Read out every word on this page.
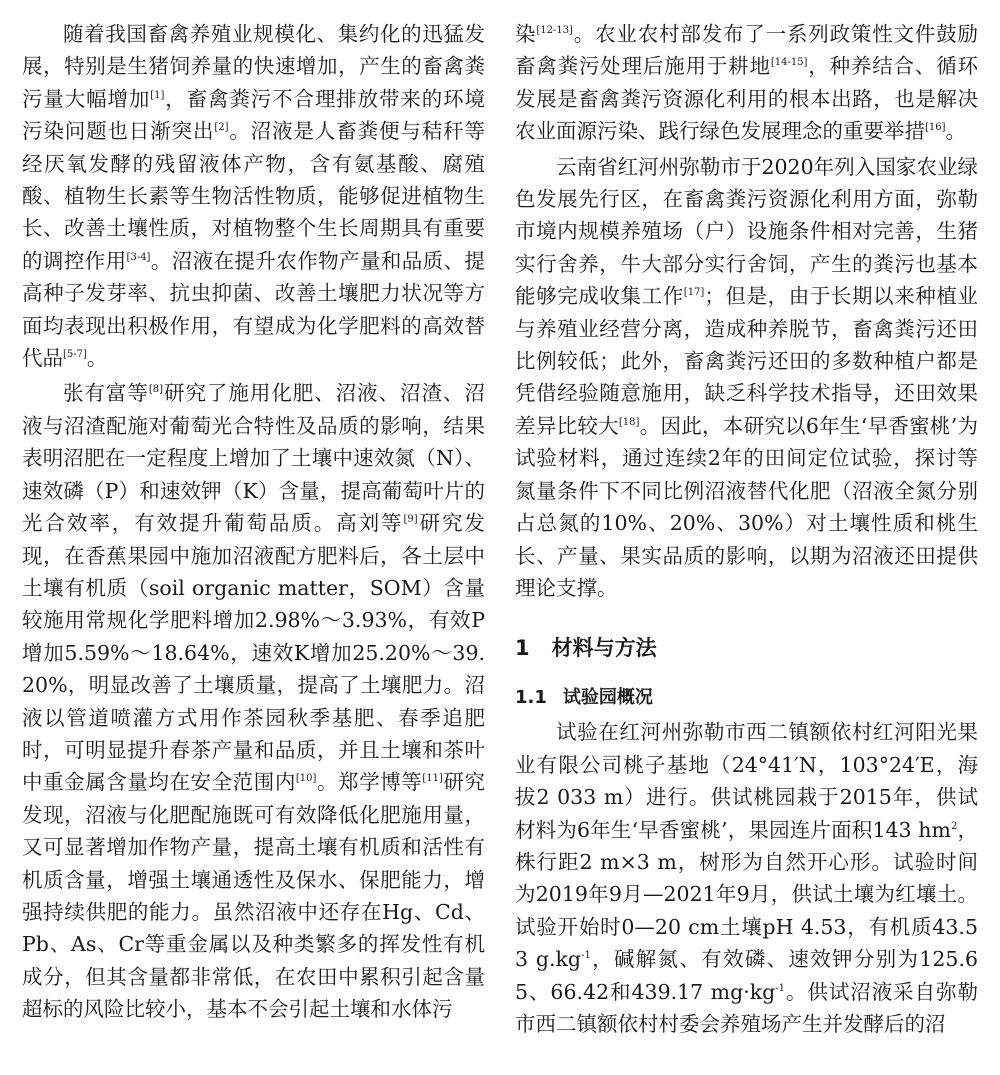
随着我国畜禽养殖业规模化、集约化的迅猛发展，特别是生猪饲养量的快速增加，产生的畜禽粪污量大幅增加[1]，畜禽粪污不合理排放带来的环境污染问题也日渐突出[2]。沼液是人畜粪便与秸秆等经厌氧发酵的残留液体产物，含有氨基酸、腐殖酸、植物生长素等生物活性物质，能够促进植物生长、改善土壤性质，对植物整个生长周期具有重要的调控作用[3-4]。沼液在提升农作物产量和品质、提高种子发芽率、抗虫抑菌、改善土壤肥力状况等方面均表现出积极作用，有望成为化学肥料的高效替代品[5-7]。

张有富等[8]研究了施用化肥、沼液、沼渣、沼液与沼渣配施对葡萄光合特性及品质的影响，结果表明沼肥在一定程度上增加了土壤中速效氮（N）、速效磷（P）和速效钾（K）含量，提高葡萄叶片的光合效率，有效提升葡萄品质。高刘等[9]研究发现，在香蕉果园中施加沼液配方肥料后，各土层中土壤有机质（soil organic matter，SOM）含量较施用常规化学肥料增加2.98%～3.93%，有效P增加5.59%～18.64%，速效K增加25.20%～39.20%，明显改善了土壤质量，提高了土壤肥力。沼液以管道喷灌方式用作茶园秋季基肥、春季追肥时，可明显提升春茶产量和品质，并且土壤和茶叶中重金属含量均在安全范围内[10]。郑学博等[11]研究发现，沼液与化肥配施既可有效降低化肥施用量，又可显著增加作物产量，提高土壤有机质和活性有机质含量，增强土壤通透性及保水、保肥能力，增强持续供肥的能力。虽然沼液中还存在Hg、Cd、Pb、As、Cr等重金属以及种类繁多的挥发性有机成分，但其含量都非常低，在农田中累积引起含量超标的风险比较小，基本不会引起土壤和水体污

染[12-13]。农业农村部发布了一系列政策性文件鼓励畜禽粪污处理后施用于耕地[14-15]，种养结合、循环发展是畜禽粪污资源化利用的根本出路，也是解决农业面源污染、践行绿色发展理念的重要举措[16]。

云南省红河州弥勒市于2020年列入国家农业绿色发展先行区，在畜禽粪污资源化利用方面，弥勒市境内规模养殖场（户）设施条件相对完善，生猪实行舍养，牛大部分实行舍饲，产生的粪污也基本能够完成收集工作[17]；但是，由于长期以来种植业与养殖业经营分离，造成种养脱节，畜禽粪污还田比例较低；此外，畜禽粪污还田的多数种植户都是凭借经验随意施用，缺乏科学技术指导，还田效果差异比较大[18]。因此，本研究以6年生‘早香蜜桃’为试验材料，通过连续2年的田间定位试验，探讨等氮量条件下不同比例沼液替代化肥（沼液全氮分别占总氮的10%、20%、30%）对土壤性质和桃生长、产量、果实品质的影响，以期为沼液还田提供理论支撑。

1 材料与方法
1.1 试验园概况

试验在红河州弥勒市西二镇额依村红河阳光果业有限公司桃子基地（24°41′N，103°24′E，海拔2 033 m）进行。供试桃园栽于2015年，供试材料为6年生‘早香蜜桃’，果园连片面积143 $hm^2$，株行距2 m×3 m，树形为自然开心形。试验时间为2019年9月—2021年9月，供试土壤为红壤土。试验开始时0—20 cm土壤pH 4.53，有机质43.53 $g.kg^{-1}$，碱解氮、有效磷、速效钾分别为125.65、66.42和439.17 $mg\cdot kg^{-1}$。供试沼液采自弥勒市西二镇额依村村委会养殖场产生并发酵后的沼
